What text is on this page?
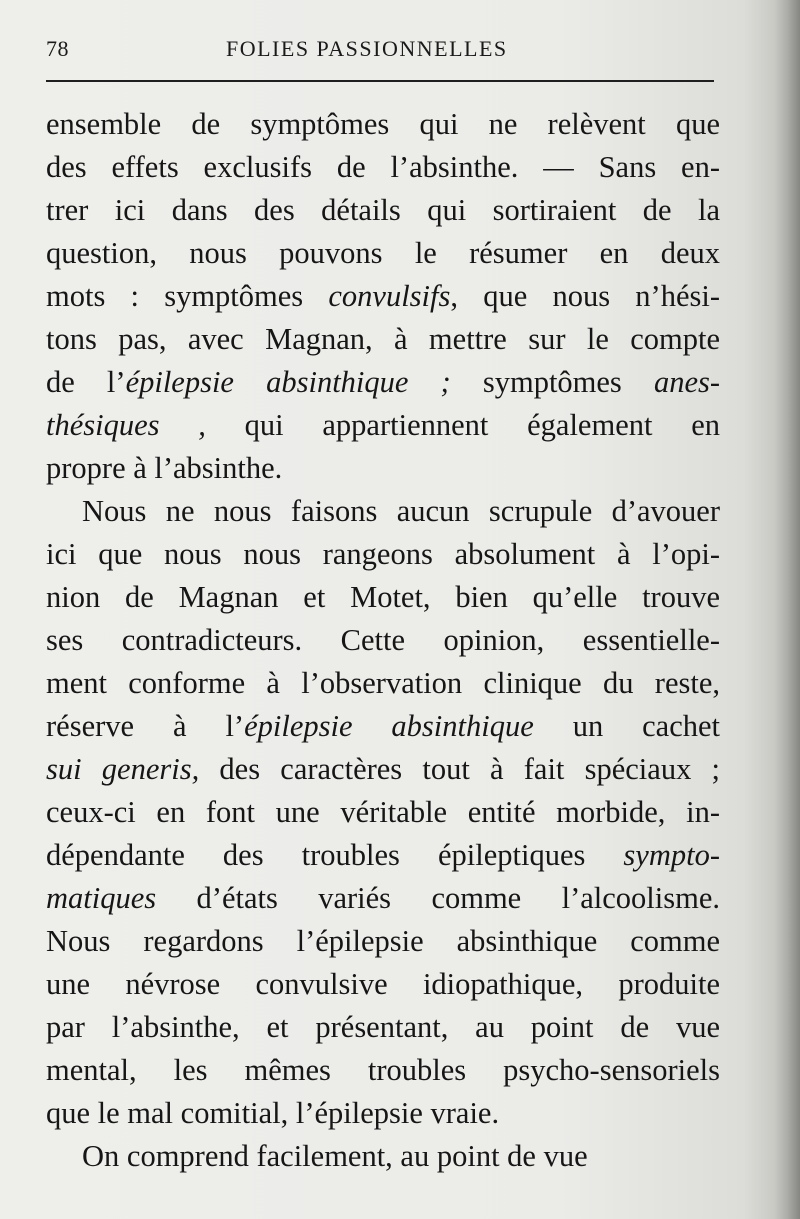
78	FOLIES PASSIONNELLES
ensemble de symptômes qui ne relèvent que
des effets exclusifs de l’absinthe. — Sans en-
trer ici dans des détails qui sortiraient de la
question, nous pouvons le résumer en deux
mots : symptômes convulsifs, que nous n’hési-
tons pas, avec Magnan, à mettre sur le compte
de l’épilepsie absinthique ; symptômes anes-
thésiques , qui appartiennent également en
propre à l’absinthe.
Nous ne nous faisons aucun scrupule d’avouer
ici que nous nous rangeons absolument à l’opi-
nion de Magnan et Motet, bien qu’elle trouve
ses contradicteurs. Cette opinion, essentielle-
ment conforme à l’observation clinique du reste,
réserve à l’épilepsie absinthique un cachet
sui generis, des caractères tout à fait spéciaux ;
ceux-ci en font une véritable entité morbide, in-
dépendante des troubles épileptiques sympto-
matiques d’états variés comme l’alcoolisme.
Nous regardons l’épilepsie absinthique comme
une névrose convulsive idiopathique, produite
par l’absinthe, et présentant, au point de vue
mental, les mêmes troubles psycho-sensoriels
que le mal comitial, l’épilepsie vraie.
On comprend facilement, au point de vue
